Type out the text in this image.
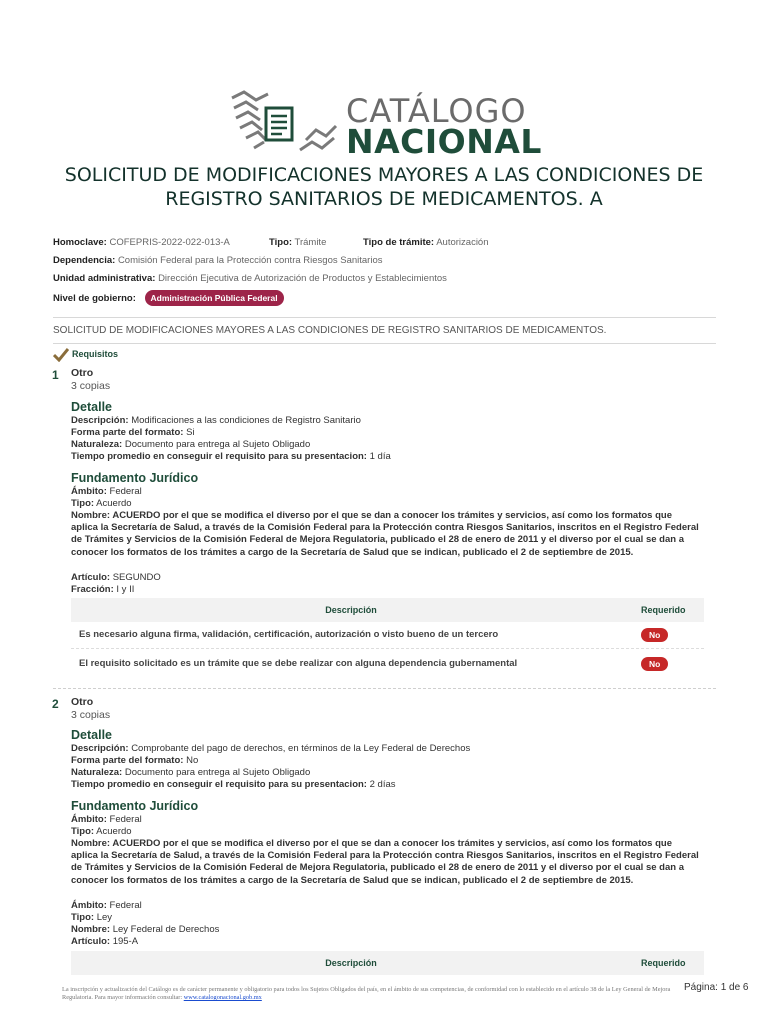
CATÁLOGO
NACIONAL
SOLICITUD DE MODIFICACIONES MAYORES A LAS CONDICIONES DE REGISTRO SANITARIOS DE MEDICAMENTOS. A
Homoclave: COFEPRIS-2022-022-013-A	Tipo: Trámite	Tipo de trámite: Autorización
Dependencia: Comisión Federal para la Protección contra Riesgos Sanitarios
Unidad administrativa: Dirección Ejecutiva de Autorización de Productos y Establecimientos
Nivel de gobierno: Administración Pública Federal
SOLICITUD DE MODIFICACIONES MAYORES A LAS CONDICIONES DE REGISTRO SANITARIOS DE MEDICAMENTOS.
Requisitos
1 Otro
3 copias
Detalle
Descripción: Modificaciones a las condiciones de Registro Sanitario
Forma parte del formato: Si
Naturaleza: Documento para entrega al Sujeto Obligado
Tiempo promedio en conseguir el requisito para su presentacion: 1 día
Fundamento Jurídico
Ámbito: Federal
Tipo: Acuerdo
Nombre: ACUERDO por el que se modifica el diverso por el que se dan a conocer los trámites y servicios, así como los formatos que aplica la Secretaría de Salud, a través de la Comisión Federal para la Protección contra Riesgos Sanitarios, inscritos en el Registro Federal de Trámites y Servicios de la Comisión Federal de Mejora Regulatoria, publicado el 28 de enero de 2011 y el diverso por el cual se dan a conocer los formatos de los trámites a cargo de la Secretaría de Salud que se indican, publicado el 2 de septiembre de 2015.
Artículo: SEGUNDO
Fracción: I y II
Descripción	Requerido
Es necesario alguna firma, validación, certificación, autorización o visto bueno de un tercero	No
El requisito solicitado es un trámite que se debe realizar con alguna dependencia gubernamental	No
2 Otro
3 copias
Detalle
Descripción: Comprobante del pago de derechos, en términos de la Ley Federal de Derechos
Forma parte del formato: No
Naturaleza: Documento para entrega al Sujeto Obligado
Tiempo promedio en conseguir el requisito para su presentacion: 2 días
Fundamento Jurídico
Ámbito: Federal
Tipo: Acuerdo
Nombre: ACUERDO por el que se modifica el diverso por el que se dan a conocer los trámites y servicios, así como los formatos que aplica la Secretaría de Salud, a través de la Comisión Federal para la Protección contra Riesgos Sanitarios, inscritos en el Registro Federal de Trámites y Servicios de la Comisión Federal de Mejora Regulatoria, publicado el 28 de enero de 2011 y el diverso por el cual se dan a conocer los formatos de los trámites a cargo de la Secretaría de Salud que se indican, publicado el 2 de septiembre de 2015.
Ámbito: Federal
Tipo: Ley
Nombre: Ley Federal de Derechos
Artículo: 195-A
Descripción	Requerido
La inscripción y actualización del Catálogo es de carácter permanente y obligatorio para todos los Sujetos Obligados del país, en el ámbito de sus competencias, de conformidad con lo establecido en el artículo 38 de la Ley General de Mejora Regulatoria. Para mayor información consultar: www.catalogonacional.gob.mx
Página: 1 de 6
